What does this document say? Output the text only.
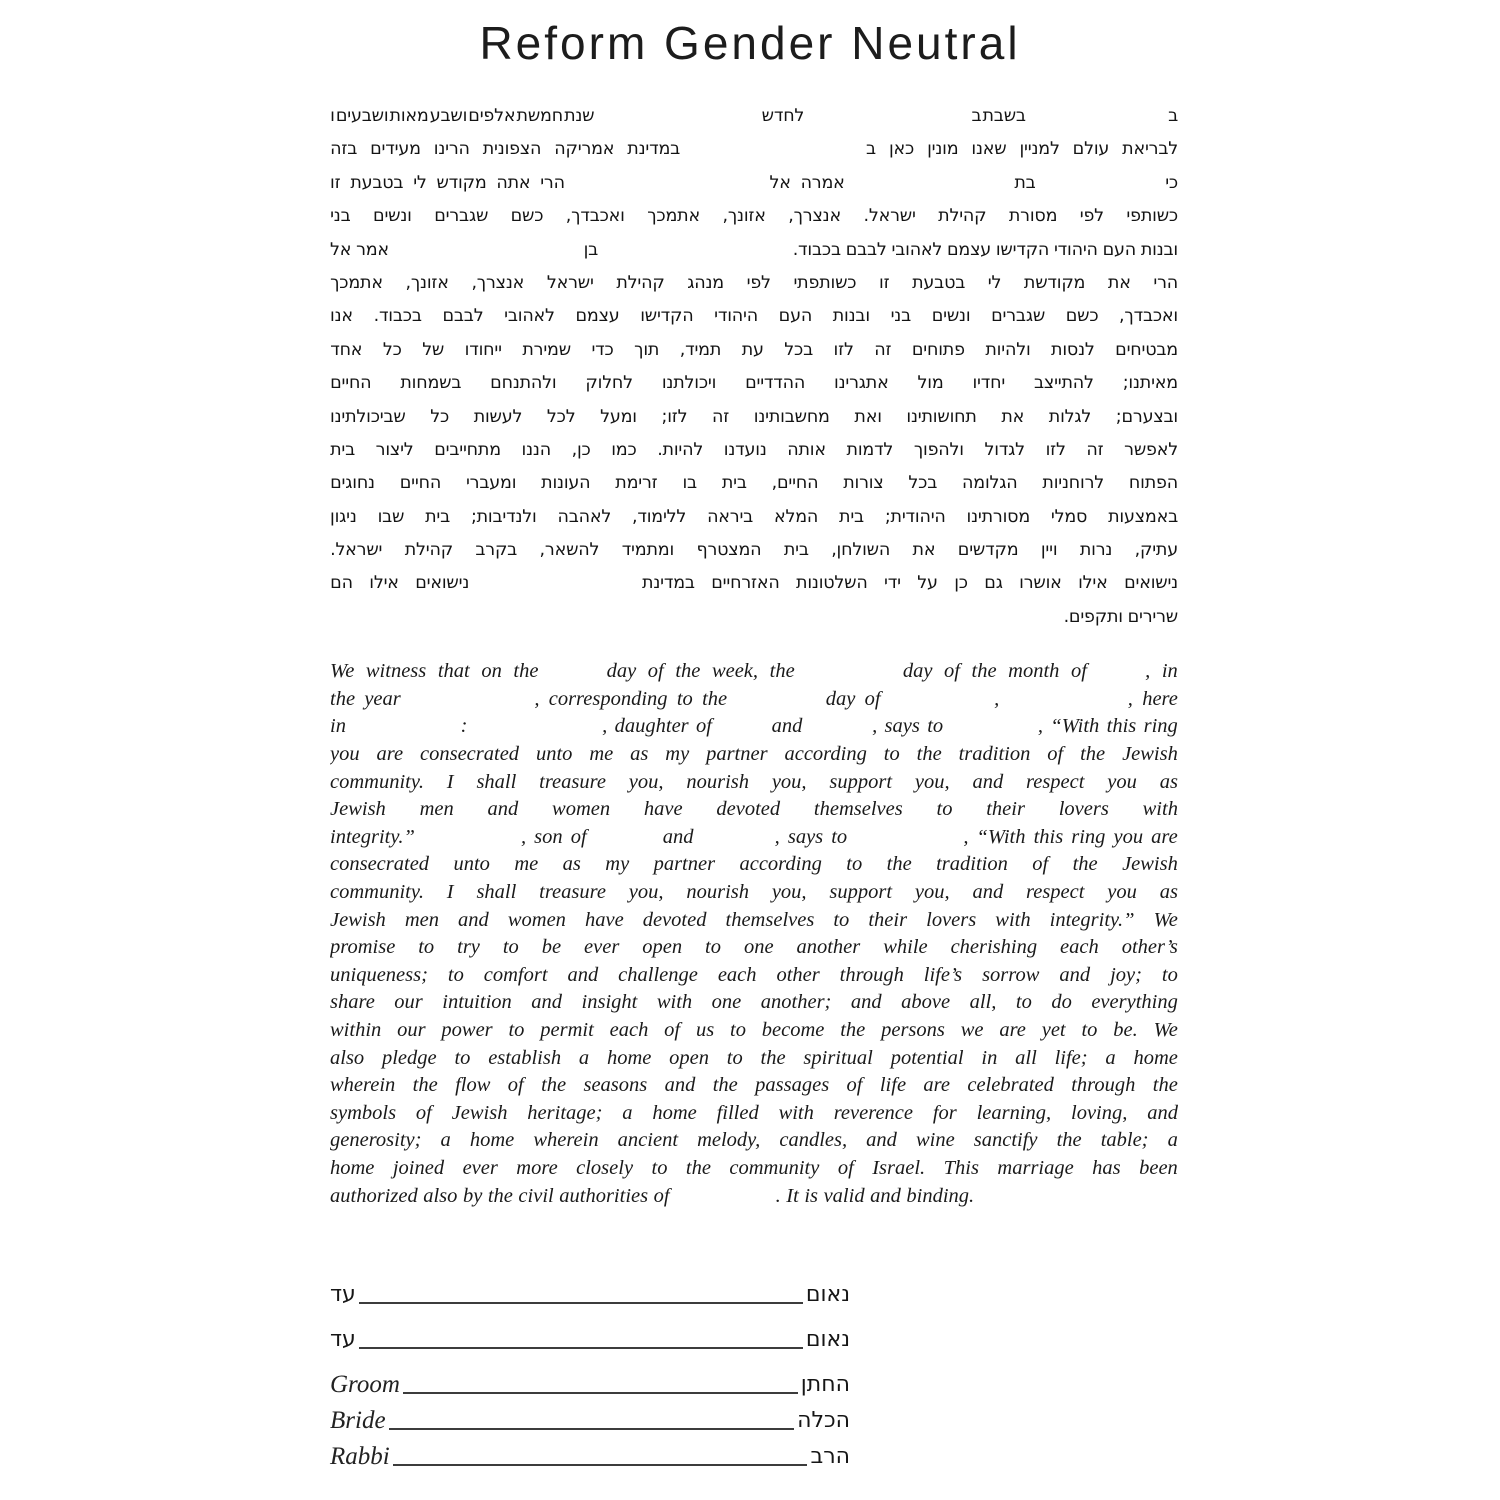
Reform Gender Neutral
ב
בשבת
ב
לחדש
שנת
חמשת
אלפים
ושבע
מאות
ושבעים
ו
לבריאת
עולם
למניין
שאנו
מונין
כאן
ב
במדינת
אמריקה
הצפונית
הרינו
מעידים
בזה
כי
בת
אמרה
אל
הרי
אתה
מקודש
לי
בטבעת
זו
כשותפי
לפי
מסורת
קהילת
ישראל.
אנצרך,
אזונך,
אתמכך
ואכבדך,
כשם
שגברים
ונשים
בני
ובנות
העם
היהודי
הקדישו
עצמם
לאהובי
לבבם
בכבוד.
בן
אמר
אל
הרי
את
מקודשת
לי
בטבעת
זו
כשותפתי
לפי
מנהג
קהילת
ישראל
אנצרך,
אזונך,
אתמכך
ואכבדך,
כשם
שגברים
ונשים
בני
ובנות
העם
היהודי
הקדישו
עצמם
לאהובי
לבבם
בכבוד.
אנו
מבטיחים
לנסות
ולהיות
פתוחים
זה
לזו
בכל
עת
תמיד,
תוך
כדי
שמירת
ייחודו
של
כל
אחד
מאיתנו;
להתייצב
יחדיו
מול
אתגרינו
ההדדיים
ויכולתנו
לחלוק
ולהתנחם
בשמחות
החיים
ובצערם;
לגלות
את
תחושותינו
ואת
מחשבותינו
זה
לזו;
ומעל
לכל
לעשות
כל
שביכולתינו
לאפשר
זה
לזו
לגדול
ולהפוך
לדמות
אותה
נועדנו
להיות.
כמו
כן,
הננו
מתחייבים
ליצור
בית
הפתוח
לרוחניות
הגלומה
בכל
צורות
החיים,
בית
בו
זרימת
העונות
ומעברי
החיים
נחוגים
באמצעות
סמלי
מסורתינו
היהודית;
בית
המלא
ביראה
ללימוד,
לאהבה
ולנדיבות;
בית
שבו
ניגון
עתיק,
נרות
ויין
מקדשים
את
השולחן,
בית
המצטרף
ומתמיד
להשאר,
בקרב
קהילת
ישראל.
נישואים
אילו
אושרו
גם
כן
על
ידי
השלטונות
האזרחיים
במדינת
נישואים
אילו
הם
שרירים
ותקפים.
We witness that on the	day of the week, the	day of the month of	, in
the year	, corresponding to the	day of	,	, here
in	:	, daughter of	and	, says to	, “With this ring
you are consecrated unto me as my partner according to the tradition of the Jewish
community. I shall treasure you, nourish you, support you, and respect you as
Jewish men and women have devoted themselves to their lovers with
integrity.”	, son of	and	, says to	, “With this ring you are
consecrated unto me as my partner according to the tradition of the Jewish
community. I shall treasure you, nourish you, support you, and respect you as
Jewish men and women have devoted themselves to their lovers with integrity.” We
promise to try to be ever open to one another while cherishing each other’s
uniqueness; to comfort and challenge each other through life’s sorrow and joy; to
share our intuition and insight with one another; and above all, to do everything
within our power to permit each of us to become the persons we are yet to be. We
also pledge to establish a home open to the spiritual potential in all life; a home
wherein the flow of the seasons and the passages of life are celebrated through the
symbols of Jewish heritage; a home filled with reverence for learning, loving, and
generosity; a home wherein ancient melody, candles, and wine sanctify the table; a
home joined ever more closely to the community of Israel. This marriage has been
authorized also by the civil authorities of	. It is valid and binding.
עד	נאום
עד	נאום
Groom	החתן
Bride	הכלה
Rabbi	הרב
